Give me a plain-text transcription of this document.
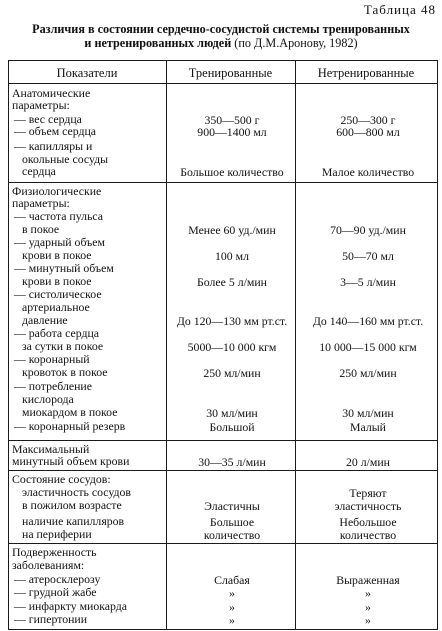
Таблица 48
Различия в состоянии сердечно-сосудистой системы тренированных
и нетренированных людей (по Д.М.Аронову, 1982)
Показатели	Тренированные	Нетренированные
Анатомические
параметры:
— вес сердца
— объем сердца
— капилляры и
окольные сосуды
сердца
Физиологические
параметры:
— частота пульса
в покое
— ударный объем
крови в покое
— минутный объем
крови в покое
— систолическое
артериальное
давление
— работа сердца
за сутки в покое
— коронарный
кровоток в покое
— потребление
кислорода
миокардом в покое
— коронарный резерв
Максимальный
минутный объем крови
Состояние сосудов:
эластичность сосудов
в пожилом возрасте
наличие капилляров
на периферии
Подверженность
заболеваниям:
— атеросклерозу
— грудной жабе
— инфаркту миокарда
— гипертонии
350—500 г
900—1400 мл
Большое количество
Менее 60 уд./мин
100 мл
Более 5 л/мин
До 120—130 мм рт.ст.
5000—10 000 кгм
250 мл/мин
30 мл/мин
Большой
30—35 л/мин
Эластичны
Большое
количество
Слабая
»
»
»
250—300 г
600—800 мл
Малое количество
70—90 уд./мин
50—70 мл
3—5 л/мин
До 140—160 мм рт.ст.
10 000—15 000 кгм
250 мл/мин
30 мл/мин
Малый
20 л/мин
Теряют
эластичность
Небольшое
количество
Выраженная
»
»
»
